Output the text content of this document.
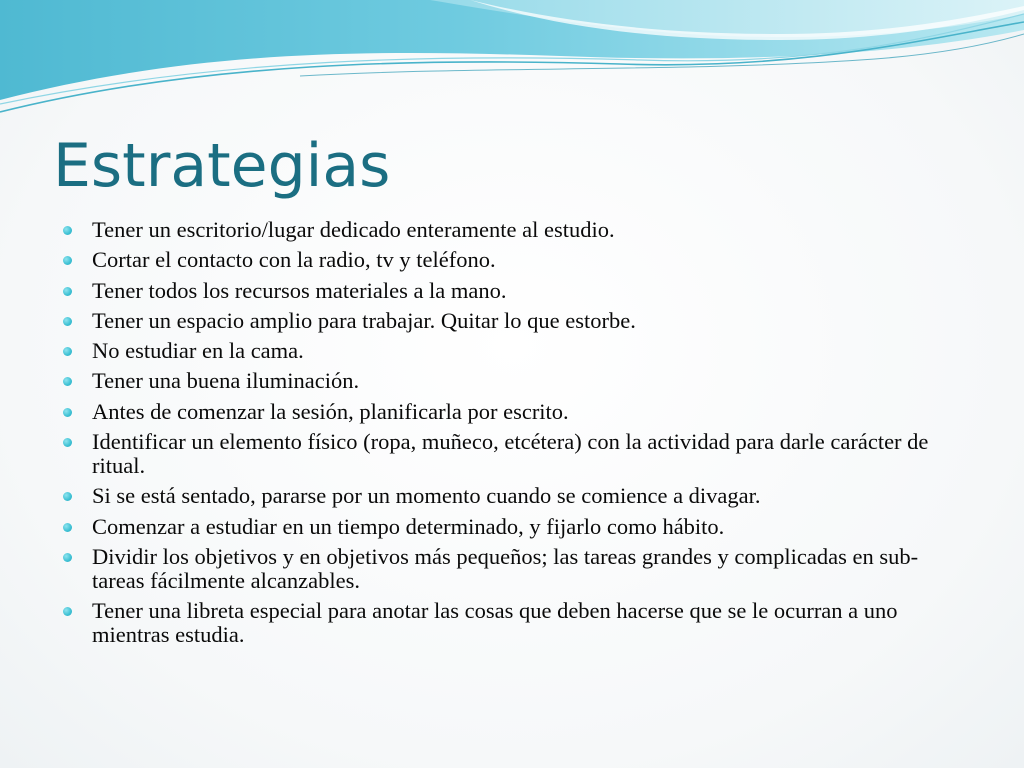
Estrategias
Tener un escritorio/lugar dedicado enteramente al estudio.
Cortar el contacto con la radio, tv y teléfono.
Tener todos los recursos materiales a la mano.
Tener un espacio amplio para trabajar. Quitar lo que estorbe.
No estudiar en la cama.
Tener una buena iluminación.
Antes de comenzar la sesión, planificarla por escrito.
Identificar un elemento físico (ropa, muñeco, etcétera) con la actividad para darle carácter de ritual.
Si se está sentado, pararse por un momento cuando se comience a divagar.
Comenzar a estudiar en un tiempo determinado, y fijarlo como hábito.
Dividir los objetivos y en objetivos más pequeños; las tareas grandes y complicadas en sub-tareas fácilmente alcanzables.
Tener una libreta especial para anotar las cosas que deben hacerse que se le ocurran a uno mientras estudia.
